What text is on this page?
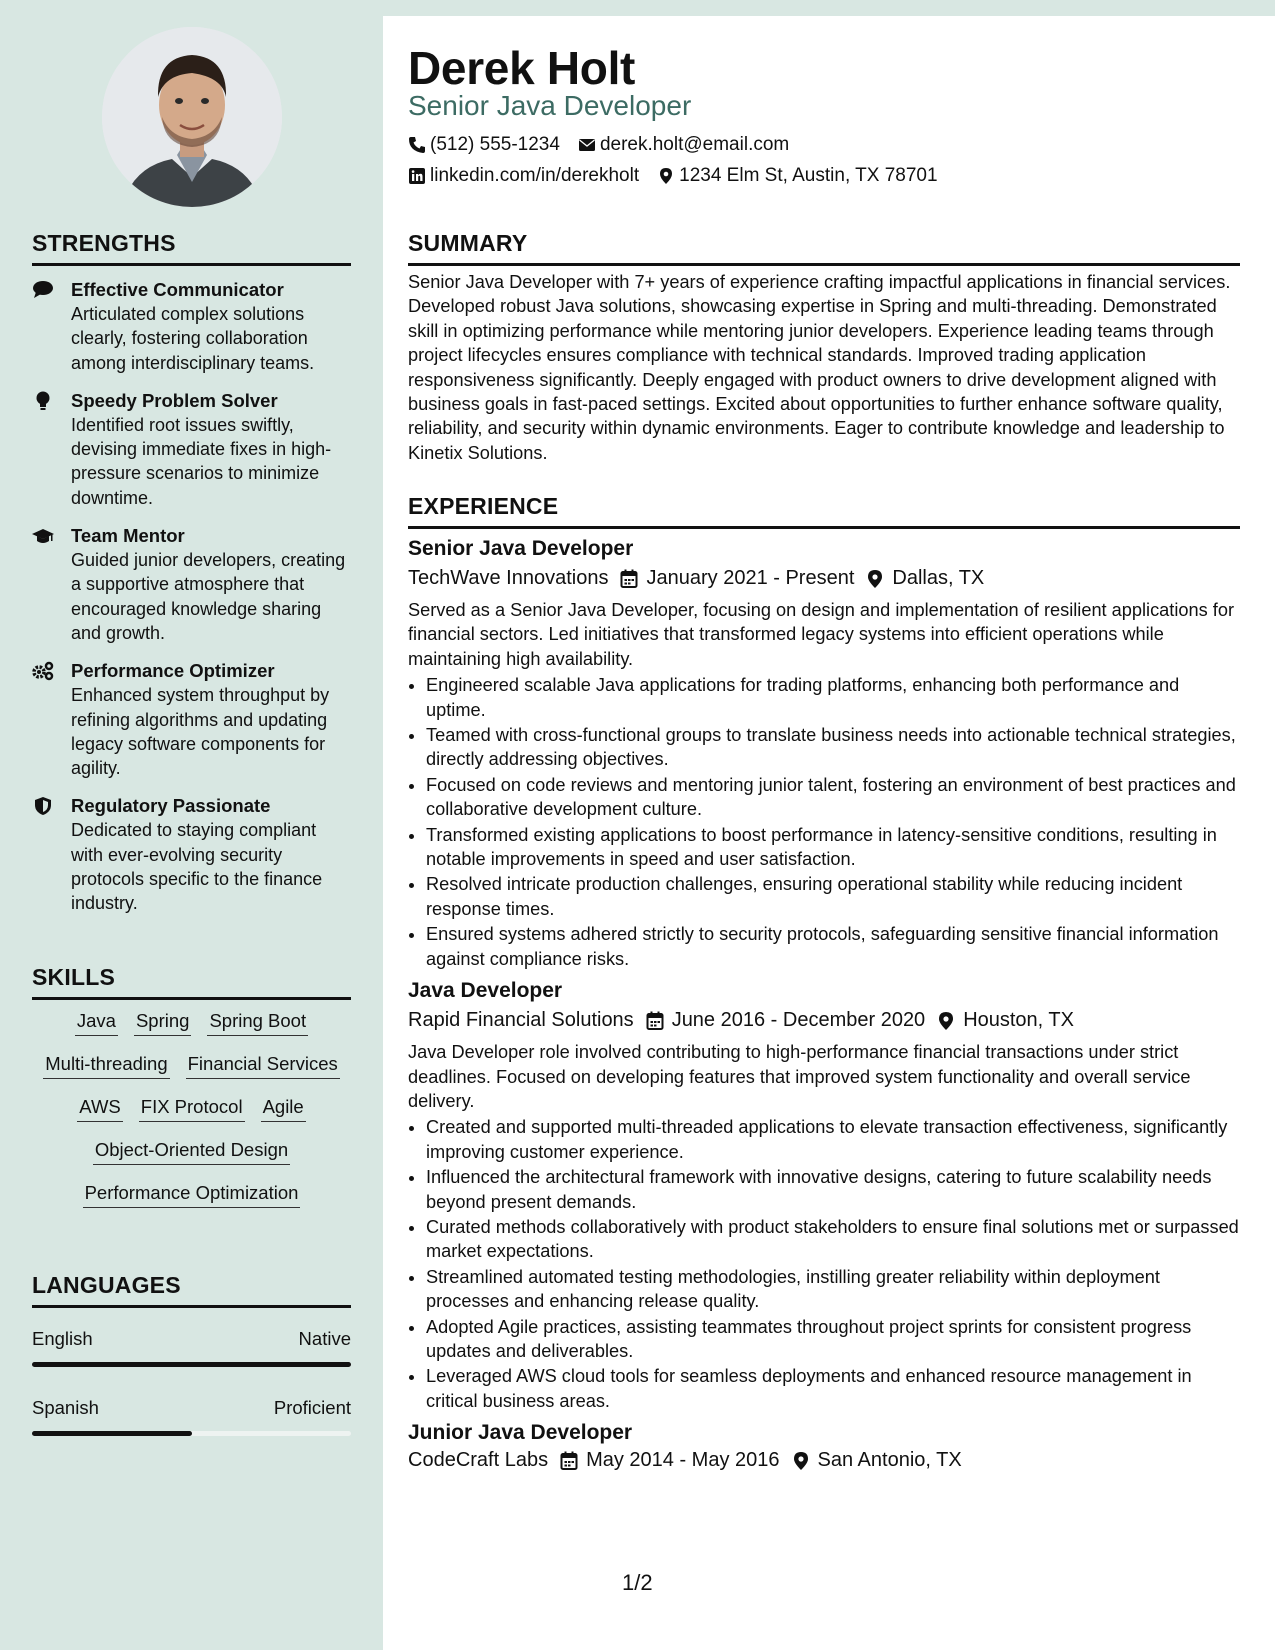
STRENGTHS
Effective Communicator
Articulated complex solutions clearly, fostering collaboration among interdisciplinary teams.
Speedy Problem Solver
Identified root issues swiftly, devising immediate fixes in high-pressure scenarios to minimize downtime.
Team Mentor
Guided junior developers, creating a supportive atmosphere that encouraged knowledge sharing and growth.
Performance Optimizer
Enhanced system throughput by refining algorithms and updating legacy software components for agility.
Regulatory Passionate
Dedicated to staying compliant with ever-evolving security protocols specific to the finance industry.
SKILLS
Java Spring Spring Boot
Multi-threading Financial Services
AWS FIX Protocol Agile
Object-Oriented Design
Performance Optimization
LANGUAGES
English	Native
Spanish	Proficient
Derek Holt
Senior Java Developer
(512) 555-1234 derek.holt@email.com
linkedin.com/in/derekholt 1234 Elm St, Austin, TX 78701
SUMMARY
Senior Java Developer with 7+ years of experience crafting impactful applications in financial services. Developed robust Java solutions, showcasing expertise in Spring and multi-threading. Demonstrated skill in optimizing performance while mentoring junior developers. Experience leading teams through project lifecycles ensures compliance with technical standards. Improved trading application responsiveness significantly. Deeply engaged with product owners to drive development aligned with business goals in fast-paced settings. Excited about opportunities to further enhance software quality, reliability, and security within dynamic environments. Eager to contribute knowledge and leadership to Kinetix Solutions.
EXPERIENCE
Senior Java Developer
TechWave Innovations January 2021 - Present Dallas, TX
Served as a Senior Java Developer, focusing on design and implementation of resilient applications for financial sectors. Led initiatives that transformed legacy systems into efficient operations while maintaining high availability.
• Engineered scalable Java applications for trading platforms, enhancing both performance and uptime.
• Teamed with cross-functional groups to translate business needs into actionable technical strategies, directly addressing objectives.
• Focused on code reviews and mentoring junior talent, fostering an environment of best practices and collaborative development culture.
• Transformed existing applications to boost performance in latency-sensitive conditions, resulting in notable improvements in speed and user satisfaction.
• Resolved intricate production challenges, ensuring operational stability while reducing incident response times.
• Ensured systems adhered strictly to security protocols, safeguarding sensitive financial information against compliance risks.
Java Developer
Rapid Financial Solutions June 2016 - December 2020 Houston, TX
Java Developer role involved contributing to high-performance financial transactions under strict deadlines. Focused on developing features that improved system functionality and overall service delivery.
• Created and supported multi-threaded applications to elevate transaction effectiveness, significantly improving customer experience.
• Influenced the architectural framework with innovative designs, catering to future scalability needs beyond present demands.
• Curated methods collaboratively with product stakeholders to ensure final solutions met or surpassed market expectations.
• Streamlined automated testing methodologies, instilling greater reliability within deployment processes and enhancing release quality.
• Adopted Agile practices, assisting teammates throughout project sprints for consistent progress updates and deliverables.
• Leveraged AWS cloud tools for seamless deployments and enhanced resource management in critical business areas.
Junior Java Developer
CodeCraft Labs May 2014 - May 2016 San Antonio, TX
1/2
